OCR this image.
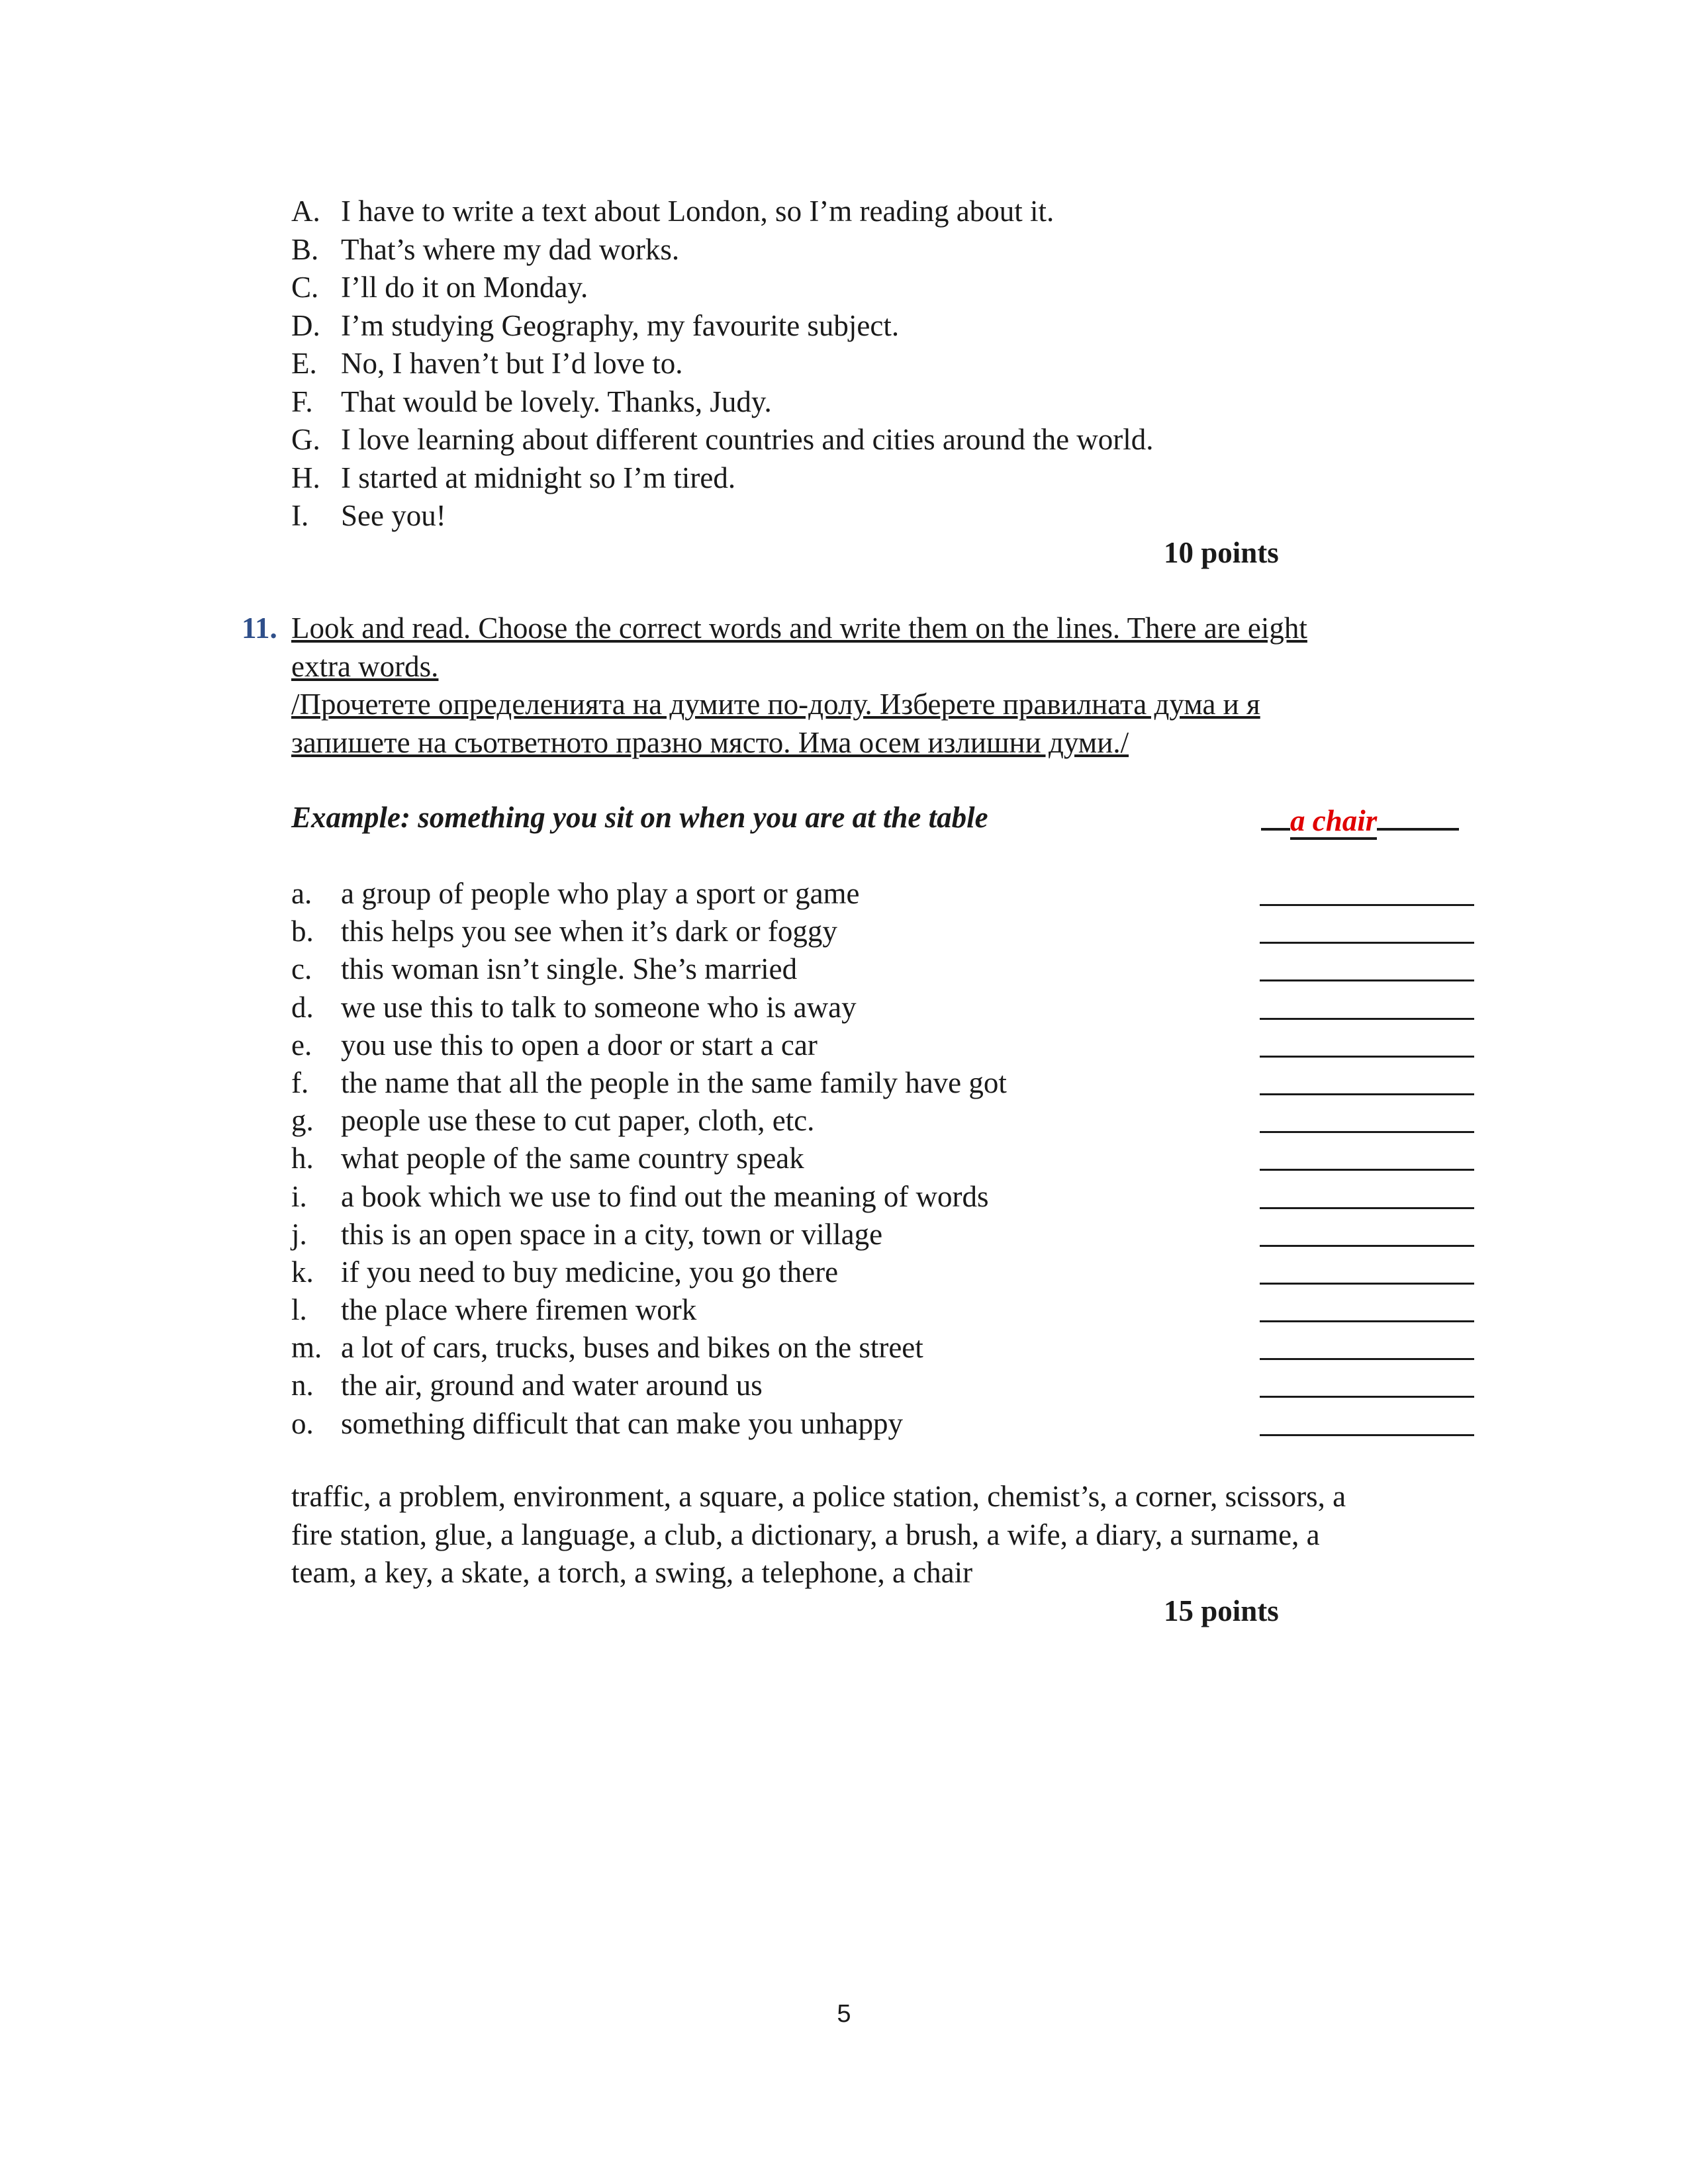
A. I have to write a text about London, so I’m reading about it.
B. That’s where my dad works.
C. I’ll do it on Monday.
D. I’m studying Geography, my favourite subject.
E. No, I haven’t but I’d love to.
F. That would be lovely. Thanks, Judy.
G. I love learning about different countries and cities around the world.
H. I started at midnight so I’m tired.
I.	See you!
10 points
11. Look and read. Choose the correct words and write them on the lines. There are eight
extra words.
/Прочетете определенията на думите по-долу. Изберете правилната дума и я
запишете на съответното празно място. Има осем излишни думи./
Example: something you sit on when you are at the table	a chair
a. a group of people who play a sport or game
b. this helps you see when it’s dark or foggy
c. this woman isn’t single. She’s married
d. we use this to talk to someone who is away
e. you use this to open a door or start a car
f. the name that all the people in the same family have got
g. people use these to cut paper, cloth, etc.
h. what people of the same country speak
i. a book which we use to find out the meaning of words
j. this is an open space in a city, town or village
k. if you need to buy medicine, you go there
l. the place where firemen work
m. a lot of cars, trucks, buses and bikes on the street
n. the air, ground and water around us
o. something difficult that can make you unhappy
traffic, a problem, environment, a square, a police station, chemist’s, a corner, scissors, a
fire station, glue, a language, a club, a dictionary, a brush, a wife, a diary, a surname, a
team, a key, a skate, a torch, a swing, a telephone, a chair
15 points
5
